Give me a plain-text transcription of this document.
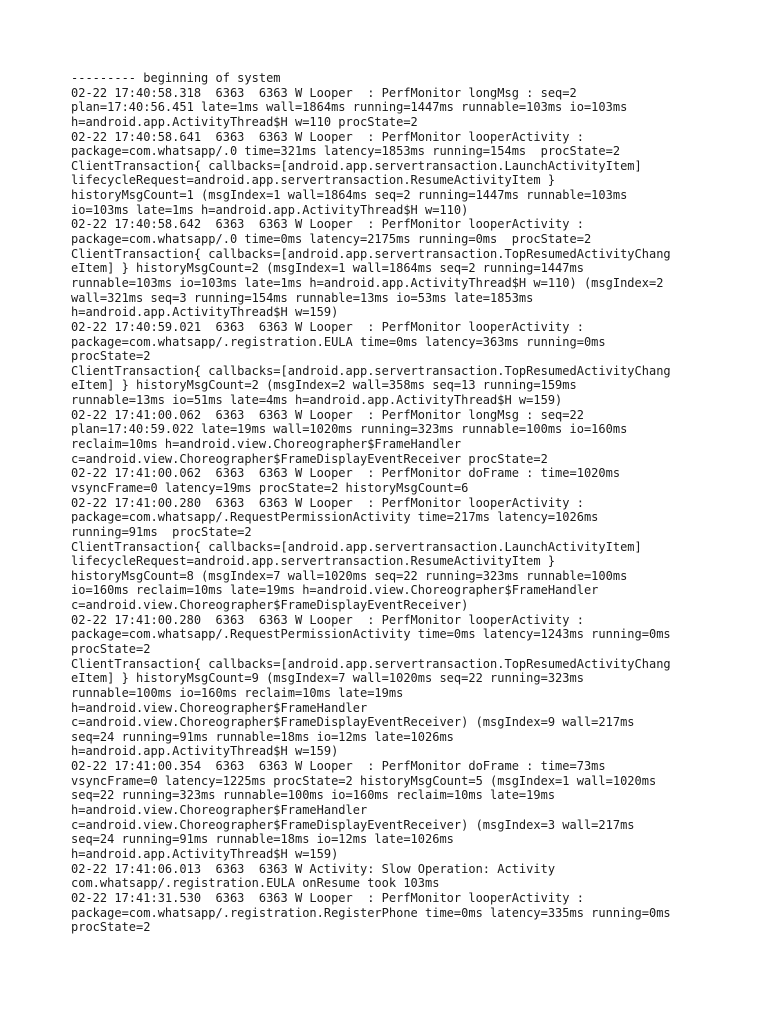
--------- beginning of system
02-22 17:40:58.318  6363  6363 W Looper  : PerfMonitor longMsg : seq=2
plan=17:40:56.451 late=1ms wall=1864ms running=1447ms runnable=103ms io=103ms
h=android.app.ActivityThread$H w=110 procState=2
02-22 17:40:58.641  6363  6363 W Looper  : PerfMonitor looperActivity :
package=com.whatsapp/.0 time=321ms latency=1853ms running=154ms  procState=2
ClientTransaction{ callbacks=[android.app.servertransaction.LaunchActivityItem]
lifecycleRequest=android.app.servertransaction.ResumeActivityItem }
historyMsgCount=1 (msgIndex=1 wall=1864ms seq=2 running=1447ms runnable=103ms
io=103ms late=1ms h=android.app.ActivityThread$H w=110)
02-22 17:40:58.642  6363  6363 W Looper  : PerfMonitor looperActivity :
package=com.whatsapp/.0 time=0ms latency=2175ms running=0ms  procState=2
ClientTransaction{ callbacks=[android.app.servertransaction.TopResumedActivityChang
eItem] } historyMsgCount=2 (msgIndex=1 wall=1864ms seq=2 running=1447ms
runnable=103ms io=103ms late=1ms h=android.app.ActivityThread$H w=110) (msgIndex=2
wall=321ms seq=3 running=154ms runnable=13ms io=53ms late=1853ms
h=android.app.ActivityThread$H w=159)
02-22 17:40:59.021  6363  6363 W Looper  : PerfMonitor looperActivity :
package=com.whatsapp/.registration.EULA time=0ms latency=363ms running=0ms
procState=2
ClientTransaction{ callbacks=[android.app.servertransaction.TopResumedActivityChang
eItem] } historyMsgCount=2 (msgIndex=2 wall=358ms seq=13 running=159ms
runnable=13ms io=51ms late=4ms h=android.app.ActivityThread$H w=159)
02-22 17:41:00.062  6363  6363 W Looper  : PerfMonitor longMsg : seq=22
plan=17:40:59.022 late=19ms wall=1020ms running=323ms runnable=100ms io=160ms
reclaim=10ms h=android.view.Choreographer$FrameHandler
c=android.view.Choreographer$FrameDisplayEventReceiver procState=2
02-22 17:41:00.062  6363  6363 W Looper  : PerfMonitor doFrame : time=1020ms
vsyncFrame=0 latency=19ms procState=2 historyMsgCount=6
02-22 17:41:00.280  6363  6363 W Looper  : PerfMonitor looperActivity :
package=com.whatsapp/.RequestPermissionActivity time=217ms latency=1026ms
running=91ms  procState=2
ClientTransaction{ callbacks=[android.app.servertransaction.LaunchActivityItem]
lifecycleRequest=android.app.servertransaction.ResumeActivityItem }
historyMsgCount=8 (msgIndex=7 wall=1020ms seq=22 running=323ms runnable=100ms
io=160ms reclaim=10ms late=19ms h=android.view.Choreographer$FrameHandler
c=android.view.Choreographer$FrameDisplayEventReceiver)
02-22 17:41:00.280  6363  6363 W Looper  : PerfMonitor looperActivity :
package=com.whatsapp/.RequestPermissionActivity time=0ms latency=1243ms running=0ms
procState=2
ClientTransaction{ callbacks=[android.app.servertransaction.TopResumedActivityChang
eItem] } historyMsgCount=9 (msgIndex=7 wall=1020ms seq=22 running=323ms
runnable=100ms io=160ms reclaim=10ms late=19ms
h=android.view.Choreographer$FrameHandler
c=android.view.Choreographer$FrameDisplayEventReceiver) (msgIndex=9 wall=217ms
seq=24 running=91ms runnable=18ms io=12ms late=1026ms
h=android.app.ActivityThread$H w=159)
02-22 17:41:00.354  6363  6363 W Looper  : PerfMonitor doFrame : time=73ms
vsyncFrame=0 latency=1225ms procState=2 historyMsgCount=5 (msgIndex=1 wall=1020ms
seq=22 running=323ms runnable=100ms io=160ms reclaim=10ms late=19ms
h=android.view.Choreographer$FrameHandler
c=android.view.Choreographer$FrameDisplayEventReceiver) (msgIndex=3 wall=217ms
seq=24 running=91ms runnable=18ms io=12ms late=1026ms
h=android.app.ActivityThread$H w=159)
02-22 17:41:06.013  6363  6363 W Activity: Slow Operation: Activity
com.whatsapp/.registration.EULA onResume took 103ms
02-22 17:41:31.530  6363  6363 W Looper  : PerfMonitor looperActivity :
package=com.whatsapp/.registration.RegisterPhone time=0ms latency=335ms running=0ms
procState=2
